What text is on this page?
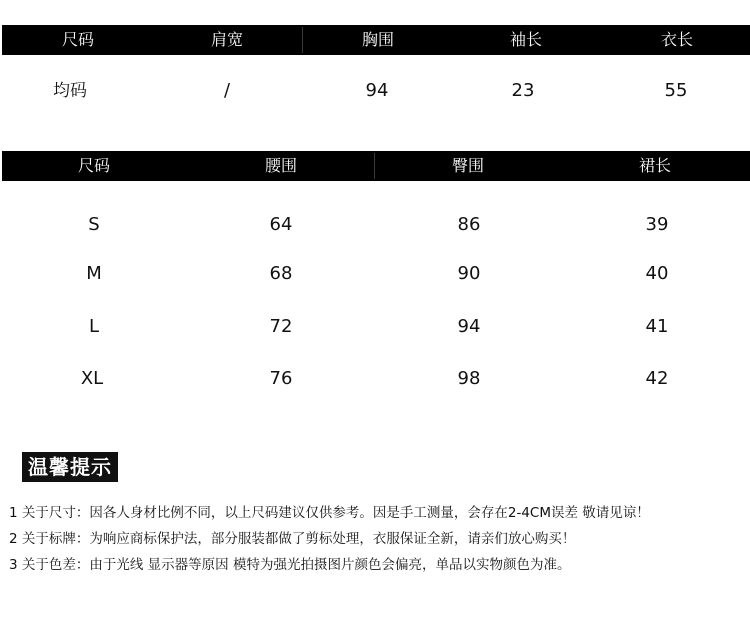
尺码	肩宽	胸围	袖长	衣长
均码	/	94	23	55
尺码	腰围	臀围	裙长
S	64	86	39
M	68	90	40
L	72	94	41
XL	76	98	42
温馨提示
1 关于尺寸：因各人身材比例不同，以上尺码建议仅供参考。因是手工测量，会存在2-4CM误差 敬请见谅！
2 关于标牌：为响应商标保护法，部分服装都做了剪标处理，衣服保证全新，请亲们放心购买！
3 关于色差：由于光线 显示器等原因 模特为强光拍摄图片颜色会偏亮，单品以实物颜色为准。
